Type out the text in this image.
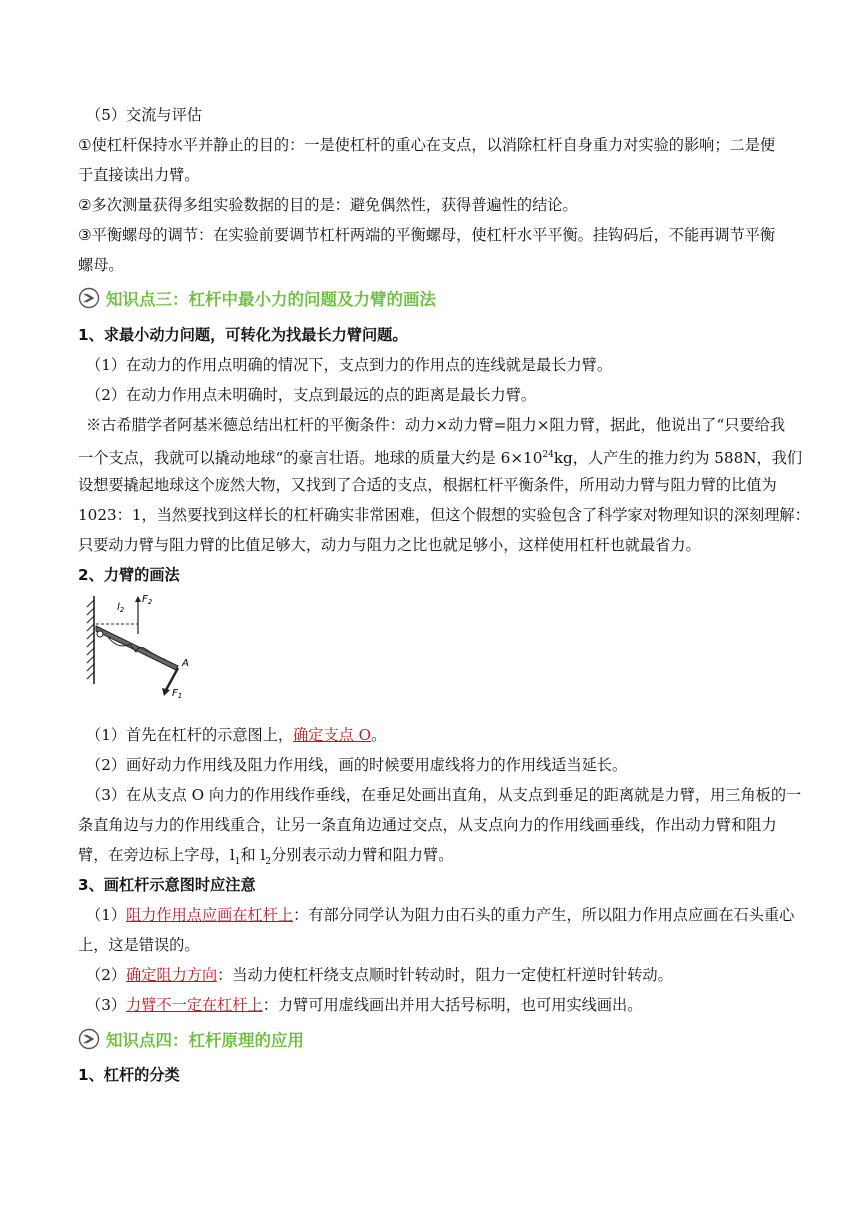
（5）交流与评估
①使杠杆保持水平并静止的目的：一是使杠杆的重心在支点，以消除杠杆自身重力对实验的影响；二是便
于直接读出力臂。
②多次测量获得多组实验数据的目的是：避免偶然性，获得普遍性的结论。
③平衡螺母的调节：在实验前要调节杠杆两端的平衡螺母，使杠杆水平平衡。挂钩码后，不能再调节平衡
螺母。
知识点三：杠杆中最小力的问题及力臂的画法
1、求最小动力问题，可转化为找最长力臂问题。
（1）在动力的作用点明确的情况下，支点到力的作用点的连线就是最长力臂。
（2）在动力作用点未明确时，支点到最远的点的距离是最长力臂。
※古希腊学者阿基米德总结出杠杆的平衡条件：动力×动力臂=阻力×阻力臂，据此，他说出了“只要给我
一个支点，我就可以撬动地球“的豪言壮语。地球的质量大约是 $6\times 10^{24}kg$，人产生的推力约为 588N，我们
设想要撬起地球这个庞然大物，又找到了合适的支点，根据杠杆平衡条件，所用动力臂与阻力臂的比值为
1023：1，当然要找到这样长的杠杆确实非常困难，但这个假想的实验包含了科学家对物理知识的深刻理解：
只要动力臂与阻力臂的比值足够大，动力与阻力之比也就足够小，这样使用杠杆也就最省力。
2、力臂的画法
$l_2$
$F_2$
A
$F_1$
（1）首先在杠杆的示意图上，确定支点 O。
（2）画好动力作用线及阻力作用线，画的时候要用虚线将力的作用线适当延长。
（3）在从支点 O 向力的作用线作垂线，在垂足处画出直角，从支点到垂足的距离就是力臂，用三角板的一
条直角边与力的作用线重合，让另一条直角边通过交点，从支点向力的作用线画垂线，作出动力臂和阻力
臂，在旁边标上字母，$l_1$和 $l_2$分别表示动力臂和阻力臂。
3、画杠杆示意图时应注意
（1）阻力作用点应画在杠杆上：有部分同学认为阻力由石头的重力产生，所以阻力作用点应画在石头重心
上，这是错误的。
（2）确定阻力方向：当动力使杠杆绕支点顺时针转动时，阻力一定使杠杆逆时针转动。
（3）力臂不一定在杠杆上：力臂可用虚线画出并用大括号标明，也可用实线画出。
知识点四：杠杆原理的应用
1、杠杆的分类
